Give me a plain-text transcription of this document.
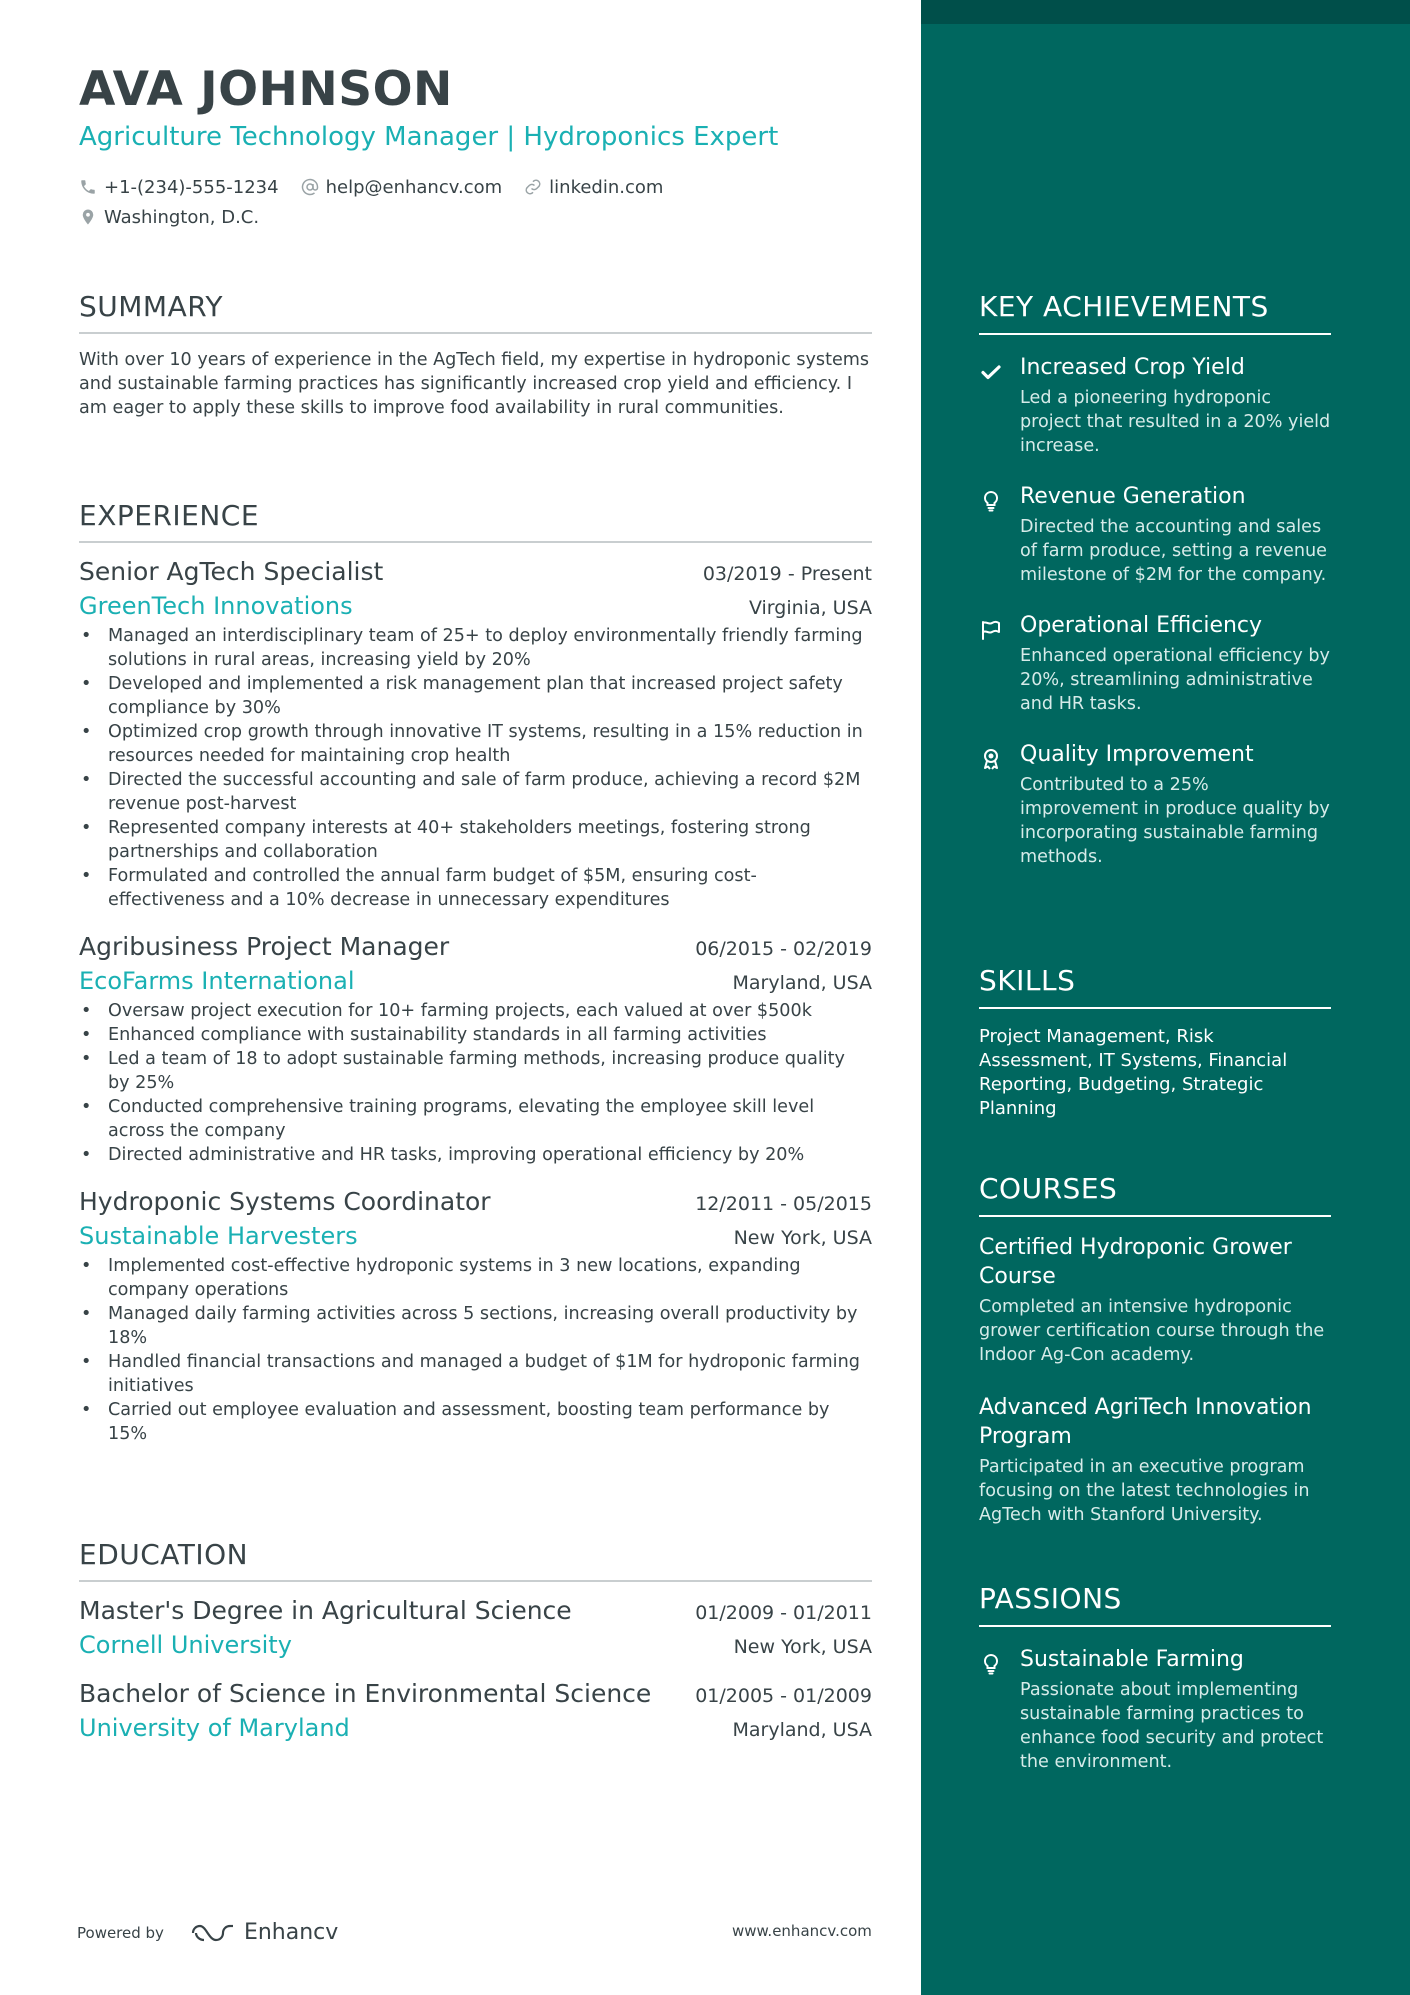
AVA JOHNSON
Agriculture Technology Manager | Hydroponics Expert
+1-(234)-555-1234	help@enhancv.com	linkedin.com
Washington, D.C.
SUMMARY
With over 10 years of experience in the AgTech field, my expertise in hydroponic systems and sustainable farming practices has significantly increased crop yield and efficiency. I am eager to apply these skills to improve food availability in rural communities.
EXPERIENCE
Senior AgTech Specialist	03/2019 - Present
GreenTech Innovations	Virginia, USA
• Managed an interdisciplinary team of 25+ to deploy environmentally friendly farming solutions in rural areas, increasing yield by 20%
• Developed and implemented a risk management plan that increased project safety compliance by 30%
• Optimized crop growth through innovative IT systems, resulting in a 15% reduction in resources needed for maintaining crop health
• Directed the successful accounting and sale of farm produce, achieving a record $2M revenue post-harvest
• Represented company interests at 40+ stakeholders meetings, fostering strong partnerships and collaboration
• Formulated and controlled the annual farm budget of $5M, ensuring cost-effectiveness and a 10% decrease in unnecessary expenditures
Agribusiness Project Manager	06/2015 - 02/2019
EcoFarms International	Maryland, USA
• Oversaw project execution for 10+ farming projects, each valued at over $500k
• Enhanced compliance with sustainability standards in all farming activities
• Led a team of 18 to adopt sustainable farming methods, increasing produce quality by 25%
• Conducted comprehensive training programs, elevating the employee skill level across the company
• Directed administrative and HR tasks, improving operational efficiency by 20%
Hydroponic Systems Coordinator	12/2011 - 05/2015
Sustainable Harvesters	New York, USA
• Implemented cost-effective hydroponic systems in 3 new locations, expanding company operations
• Managed daily farming activities across 5 sections, increasing overall productivity by 18%
• Handled financial transactions and managed a budget of $1M for hydroponic farming initiatives
• Carried out employee evaluation and assessment, boosting team performance by 15%
EDUCATION
Master's Degree in Agricultural Science	01/2009 - 01/2011
Cornell University	New York, USA
Bachelor of Science in Environmental Science 01/2005 - 01/2009
University of Maryland	Maryland, USA
KEY ACHIEVEMENTS
Increased Crop Yield
Led a pioneering hydroponic project that resulted in a 20% yield increase.
Revenue Generation
Directed the accounting and sales of farm produce, setting a revenue milestone of $2M for the company.
Operational Efficiency
Enhanced operational efficiency by 20%, streamlining administrative and HR tasks.
Quality Improvement
Contributed to a 25% improvement in produce quality by incorporating sustainable farming methods.
SKILLS
Project Management, Risk Assessment, IT Systems, Financial Reporting, Budgeting, Strategic Planning
COURSES
Certified Hydroponic Grower Course
Completed an intensive hydroponic grower certification course through the Indoor Ag-Con academy.
Advanced AgriTech Innovation Program
Participated in an executive program focusing on the latest technologies in AgTech with Stanford University.
PASSIONS
Sustainable Farming
Passionate about implementing sustainable farming practices to enhance food security and protect the environment.
Powered by	Enhancv	www.enhancv.com
